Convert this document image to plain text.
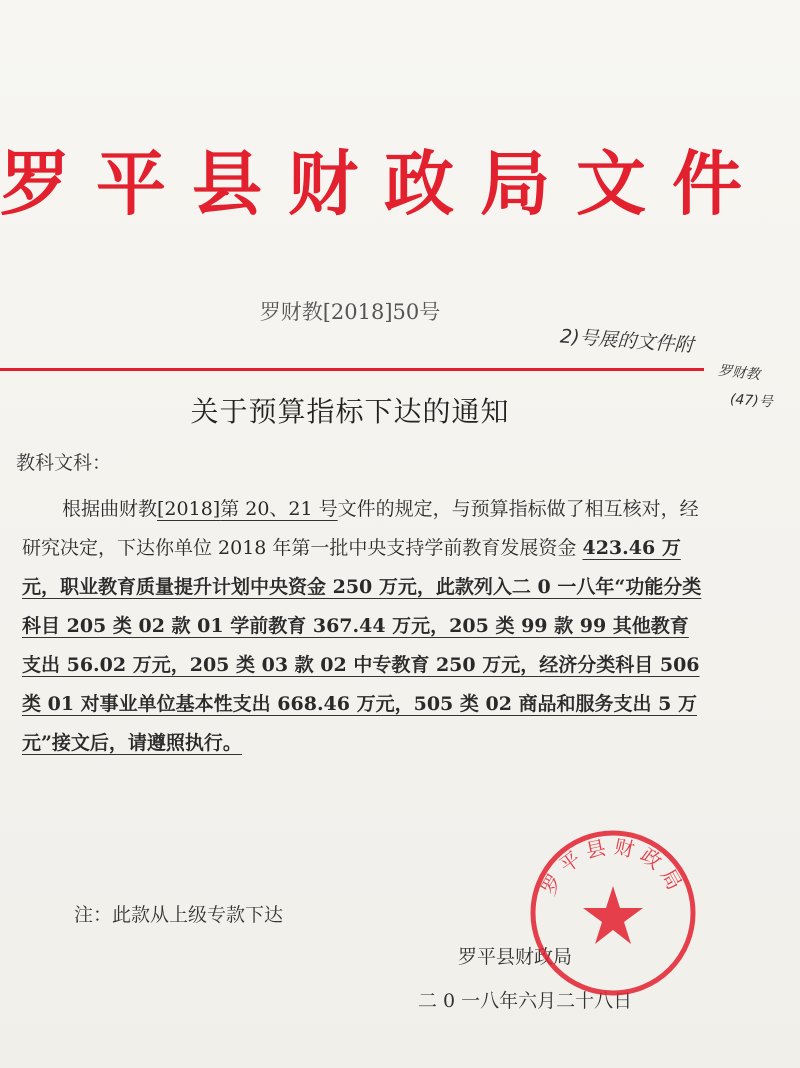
罗平县财政局文件
罗财教[2018]50号
2)号展的文件附
罗财教
(47)号
关于预算指标下达的通知
教科文科：

根据曲财教[2018]第 20、21 号文件的规定，与预算指标做了相互核对，经研究决定，下达你单位 2018 年第一批中央支持学前教育发展资金 423.46 万元，职业教育质量提升计划中央资金 250 万元，此款列入二 0 一八年“功能分类科目 205 类 02 款 01 学前教育 367.44 万元，205 类 99 款 99 其他教育支出 56.02 万元，205 类 03 款 02 中专教育 250 万元，经济分类科目 506 类 01 对事业单位基本性支出 668.46 万元，505 类 02 商品和服务支出 5 万元”接文后，请遵照执行。

注：此款从上级专款下达
罗平县财政局
二 0 一八年六月二十八日
罗平县财政局
